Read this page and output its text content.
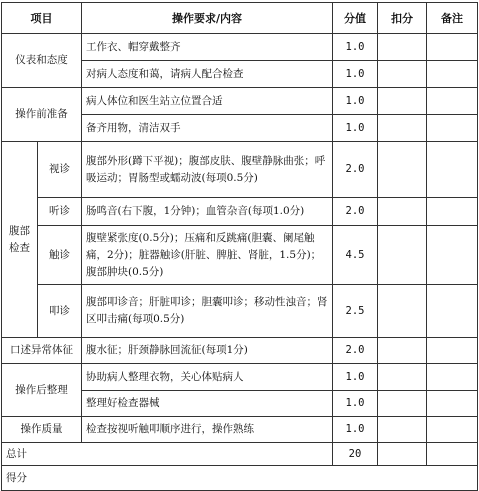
项目		操作要求/内容	分值	扣分	备注
仪表和态度		工作衣、帽穿戴整齐	1.0		
		对病人态度和蔼，请病人配合检查	1.0		
操作前准备		病人体位和医生站立位置合适	1.0		
		备齐用物，清洁双手	1.0		
腹部检查	视诊	腹部外形(蹲下平视)；腹部皮肤、腹壁静脉曲张；呼吸运动；胃肠型或蠕动波(每项0.5分)	2.0		
	听诊	肠鸣音(右下腹，1分钟)；血管杂音(每项1.0分)	2.0		
	触诊	腹壁紧张度(0.5分)；压痛和反跳痛(胆囊、阑尾触痛，2分)；脏器触诊(肝脏、脾脏、肾脏，1.5分)；腹部肿块(0.5分)	4.5		
	叩诊	腹部叩诊音；肝脏叩诊；胆囊叩诊；移动性浊音；肾区叩击痛(每项0.5分)	2.5		
口述异常体征		腹水征；肝颈静脉回流征(每项1分)	2.0		
操作后整理		协助病人整理衣物，关心体贴病人	1.0		
		整理好检查器械	1.0		
操作质量		检查按视听触叩顺序进行，操作熟练	1.0		
总计			20		
得分					
